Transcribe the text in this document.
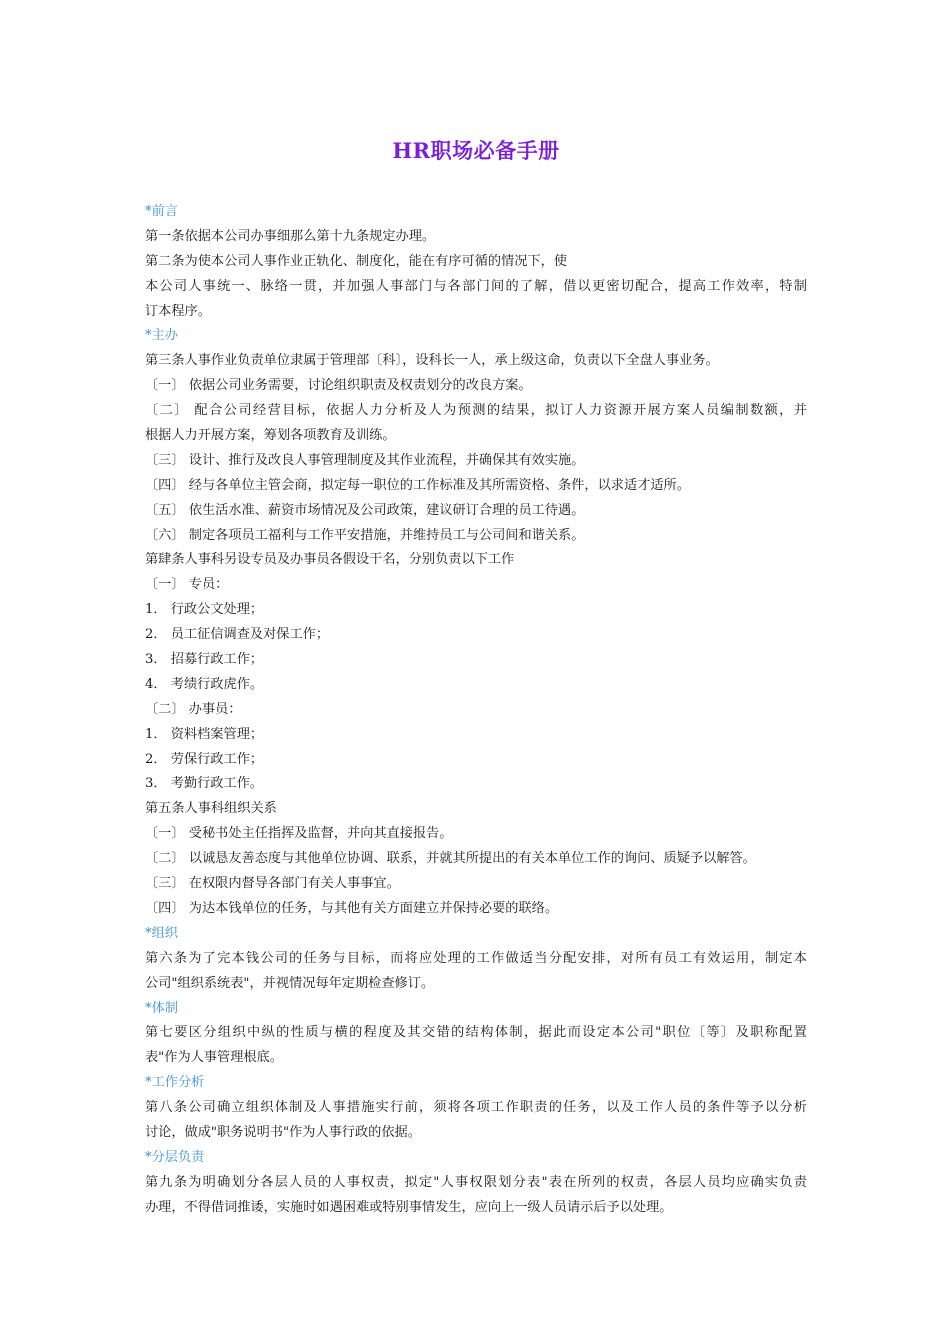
HR职场必备手册
*前言
第一条依据本公司办事细那么第十九条规定办理。
第二条为使本公司人事作业正轨化、制度化，能在有序可循的情况下，使
本公司人事统一、脉络一贯，并加强人事部门与各部门间的了解，借以更密切配合，提高工作效率，特制
订本程序。
*主办
第三条人事作业负责单位隶属于管理部〔科〕，设科长一人，承上级这命，负责以下全盘人事业务。
〔一〕 依据公司业务需要，讨论组织职责及权责划分的改良方案。
〔二〕 配合公司经营目标，依据人力分析及人为预测的结果，拟订人力资源开展方案人员编制数额，并
根据人力开展方案，筹划各项教育及训练。
〔三〕 设计、推行及改良人事管理制度及其作业流程，并确保其有效实施。
〔四〕 经与各单位主管会商，拟定每一职位的工作标准及其所需资格、条件，以求适才适所。
〔五〕 依生活水准、薪资市场情况及公司政策，建议研订合理的员工待遇。
〔六〕 制定各项员工福利与工作平安措施，并维持员工与公司间和谐关系。
第肆条人事科另设专员及办事员各假设干名，分别负责以下工作
〔一〕 专员：
1． 行政公文处理；
2． 员工征信调查及对保工作；
3． 招募行政工作；
4． 考绩行政虎作。
〔二〕 办事员：
1． 资料档案管理；
2． 劳保行政工作；
3． 考勤行政工作。
第五条人事科组织关系
〔一〕 受秘书处主任指挥及监督，并向其直接报告。
〔二〕 以诚恳友善态度与其他单位协调、联系，并就其所提出的有关本单位工作的询问、质疑予以解答。
〔三〕 在权限内督导各部门有关人事事宜。
〔四〕 为达本钱单位的任务，与其他有关方面建立并保持必要的联络。
*组织
第六条为了完本钱公司的任务与目标，而将应处理的工作做适当分配安排，对所有员工有效运用，制定本
公司"组织系统表"，并视情况每年定期检查修订。
*体制
第七要区分组织中纵的性质与横的程度及其交错的结构体制，据此而设定本公司"职位〔等〕及职称配置
表"作为人事管理根底。
*工作分析
第八条公司确立组织体制及人事措施实行前，须将各项工作职责的任务，以及工作人员的条件等予以分析
讨论，做成"职务说明书"作为人事行政的依据。
*分层负责
第九条为明确划分各层人员的人事权责，拟定"人事权限划分表"表在所列的权责，各层人员均应确实负责
办理，不得借词推诿，实施时如遇困难或特别事情发生，应向上一级人员请示后予以处理。
